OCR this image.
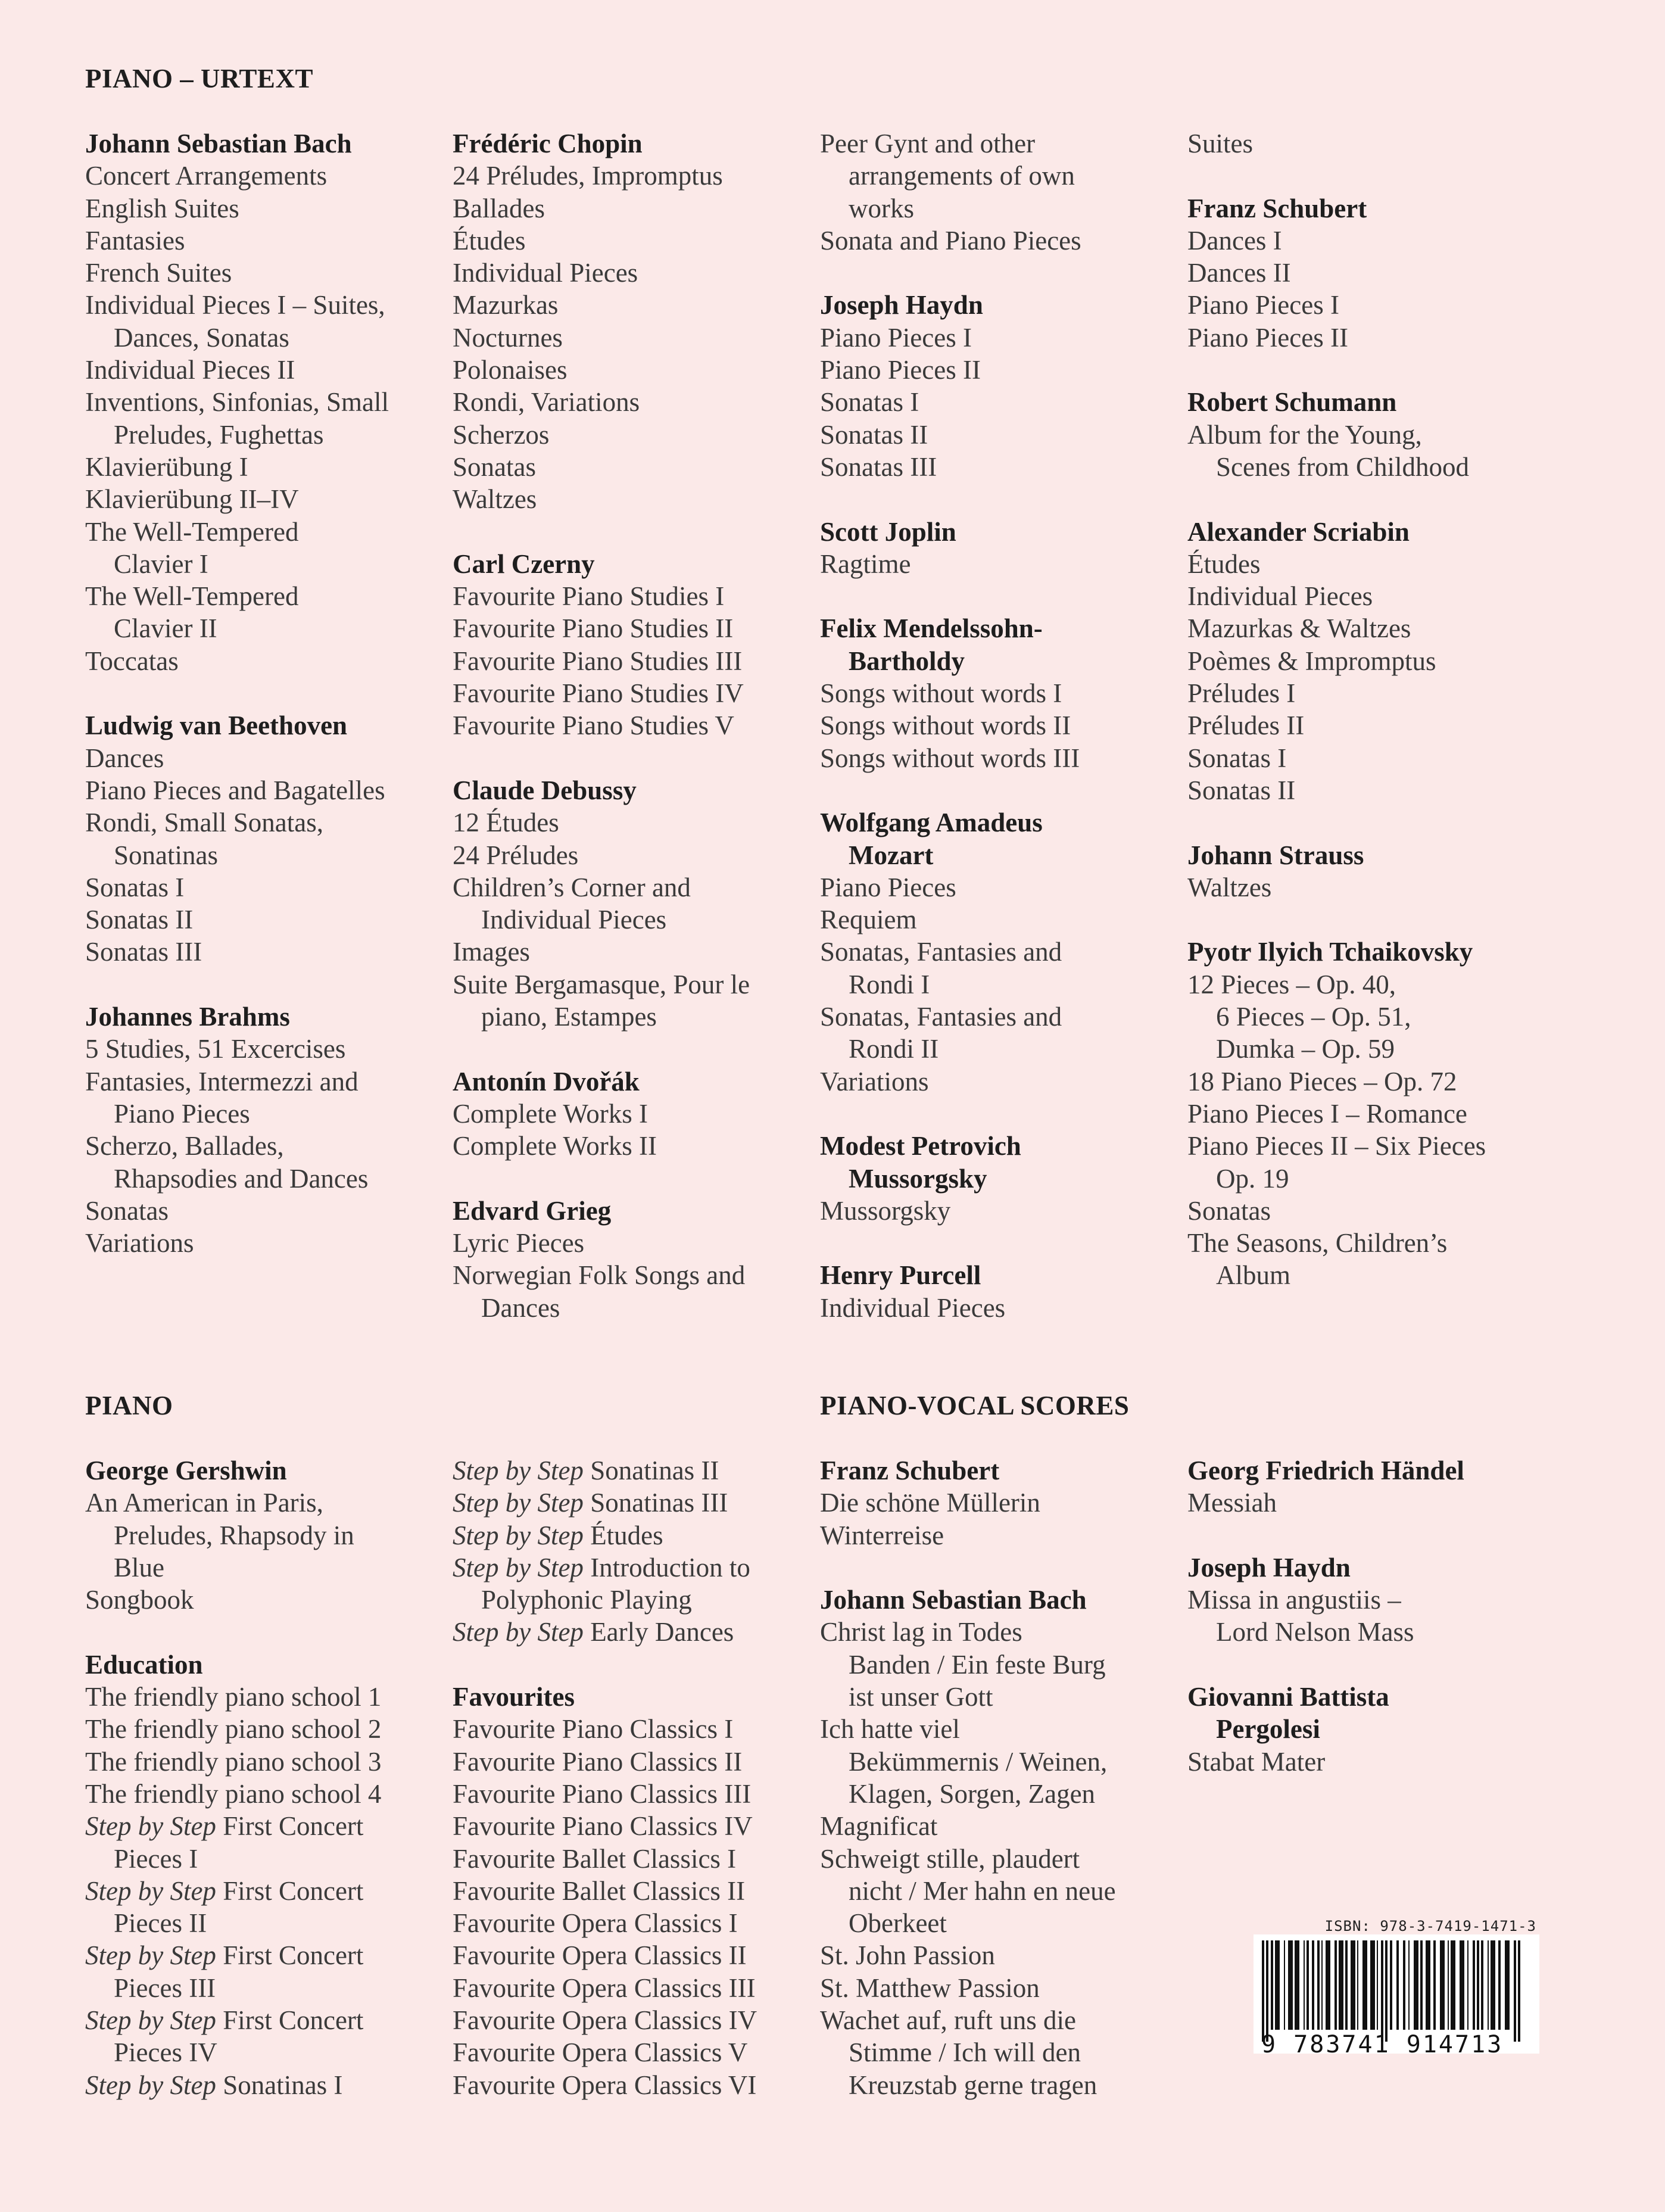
PIANO – URTEXT
Johann Sebastian Bach
Concert Arrangements
English Suites
Fantasies
French Suites
Individual Pieces I – Suites,
Dances, Sonatas
Individual Pieces II
Inventions, Sinfonias, Small
Preludes, Fughettas
Klavierübung I
Klavierübung II–IV
The Well-Tempered
Clavier I
The Well-Tempered
Clavier II
Toccatas
Ludwig van Beethoven
Dances
Piano Pieces and Bagatelles
Rondi, Small Sonatas,
Sonatinas
Sonatas I
Sonatas II
Sonatas III
Johannes Brahms
5 Studies, 51 Excercises
Fantasies, Intermezzi and
Piano Pieces
Scherzo, Ballades,
Rhapsodies and Dances
Sonatas
Variations
Frédéric Chopin
24 Préludes, Impromptus
Ballades
Études
Individual Pieces
Mazurkas
Nocturnes
Polonaises
Rondi, Variations
Scherzos
Sonatas
Waltzes
Carl Czerny
Favourite Piano Studies I
Favourite Piano Studies II
Favourite Piano Studies III
Favourite Piano Studies IV
Favourite Piano Studies V
Claude Debussy
12 Études
24 Préludes
Children’s Corner and
Individual Pieces
Images
Suite Bergamasque, Pour le
piano, Estampes
Antonín Dvořák
Complete Works I
Complete Works II
Edvard Grieg
Lyric Pieces
Norwegian Folk Songs and
Dances
Peer Gynt and other
arrangements of own
works
Sonata and Piano Pieces
Joseph Haydn
Piano Pieces I
Piano Pieces II
Sonatas I
Sonatas II
Sonatas III
Scott Joplin
Ragtime
Felix Mendelssohn-
Bartholdy
Songs without words I
Songs without words II
Songs without words III
Wolfgang Amadeus
Mozart
Piano Pieces
Requiem
Sonatas, Fantasies and
Rondi I
Sonatas, Fantasies and
Rondi II
Variations
Modest Petrovich
Mussorgsky
Mussorgsky
Henry Purcell
Individual Pieces
Suites
Franz Schubert
Dances I
Dances II
Piano Pieces I
Piano Pieces II
Robert Schumann
Album for the Young,
Scenes from Childhood
Alexander Scriabin
Études
Individual Pieces
Mazurkas & Waltzes
Poèmes & Impromptus
Préludes I
Préludes II
Sonatas I
Sonatas II
Johann Strauss
Waltzes
Pyotr Ilyich Tchaikovsky
12 Pieces – Op. 40,
6 Pieces – Op. 51,
Dumka – Op. 59
18 Piano Pieces – Op. 72
Piano Pieces I – Romance
Piano Pieces II – Six Pieces
Op. 19
Sonatas
The Seasons, Children’s
Album
PIANO
George Gershwin
An American in Paris,
Preludes, Rhapsody in
Blue
Songbook
Education
The friendly piano school 1
The friendly piano school 2
The friendly piano school 3
The friendly piano school 4
Step by Step First Concert
Pieces I
Step by Step First Concert
Pieces II
Step by Step First Concert
Pieces III
Step by Step First Concert
Pieces IV
Step by Step Sonatinas I
Step by Step Sonatinas II
Step by Step Sonatinas III
Step by Step Études
Step by Step Introduction to
Polyphonic Playing
Step by Step Early Dances
Favourites
Favourite Piano Classics I
Favourite Piano Classics II
Favourite Piano Classics III
Favourite Piano Classics IV
Favourite Ballet Classics I
Favourite Ballet Classics II
Favourite Opera Classics I
Favourite Opera Classics II
Favourite Opera Classics III
Favourite Opera Classics IV
Favourite Opera Classics V
Favourite Opera Classics VI
PIANO-VOCAL SCORES
Franz Schubert
Die schöne Müllerin
Winterreise
Johann Sebastian Bach
Christ lag in Todes
Banden / Ein feste Burg
ist unser Gott
Ich hatte viel
Bekümmernis / Weinen,
Klagen, Sorgen, Zagen
Magnificat
Schweigt stille, plaudert
nicht / Mer hahn en neue
Oberkeet
St. John Passion
St. Matthew Passion
Wachet auf, ruft uns die
Stimme / Ich will den
Kreuzstab gerne tragen
Georg Friedrich Händel
Messiah
Joseph Haydn
Missa in angustiis –
Lord Nelson Mass
Giovanni Battista
Pergolesi
Stabat Mater
ISBN: 978-3-7419-1471-3
9 783741 914713
